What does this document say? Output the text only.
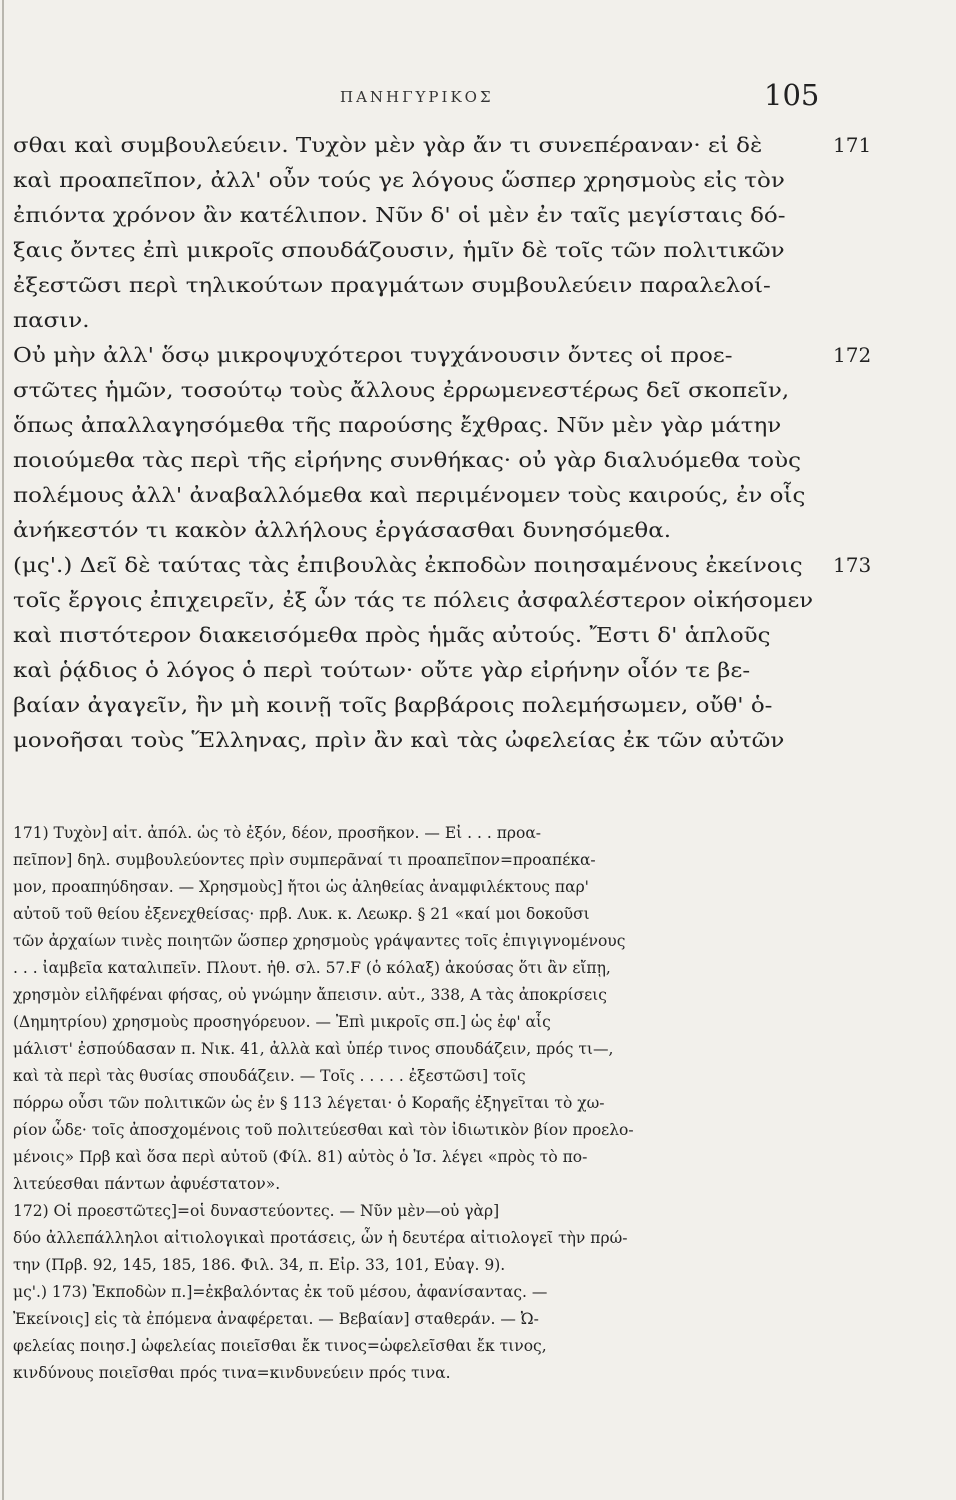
ΠΑΝΗΓΥΡΙΚΟΣ	105
σθαι καὶ συμβουλεύειν. Τυχὸν μὲν γὰρ ἄν τι συνεπέραναν· εἰ δὲ	171
καὶ προαπεῖπον, ἀλλ' οὖν τούς γε λόγους ὥσπερ χρησμοὺς εἰς τὸν
ἐπιόντα χρόνον ἂν κατέλιπον. Νῦν δ' οἱ μὲν ἐν ταῖς μεγίσταις δό-
ξαις ὄντες ἐπὶ μικροῖς σπουδάζουσιν, ἡμῖν δὲ τοῖς τῶν πολιτικῶν
ἐξεστῶσι περὶ τηλικούτων πραγμάτων συμβουλεύειν παραλελοί-
πασιν.
Οὐ μὴν ἀλλ' ὅσῳ μικροψυχότεροι τυγχάνουσιν ὄντες οἱ προε-	172
στῶτες ἡμῶν, τοσούτῳ τοὺς ἄλλους ἐρρωμενεστέρως δεῖ σκοπεῖν,
ὅπως ἀπαλλαγησόμεθα τῆς παρούσης ἔχθρας. Νῦν μὲν γὰρ μάτην
ποιούμεθα τὰς περὶ τῆς εἰρήνης συνθήκας· οὐ γὰρ διαλυόμεθα τοὺς
πολέμους ἀλλ' ἀναβαλλόμεθα καὶ περιμένομεν τοὺς καιρούς, ἐν οἷς
ἀνήκεστόν τι κακὸν ἀλλήλους ἐργάσασθαι δυνησόμεθα.
(μς'.) Δεῖ δὲ ταύτας τὰς ἐπιβουλὰς ἐκποδὼν ποιησαμένους ἐκείνοις 173
τοῖς ἔργοις ἐπιχειρεῖν, ἐξ ὧν τάς τε πόλεις ἀσφαλέστερον οἰκήσομεν
καὶ πιστότερον διακεισόμεθα πρὸς ἡμᾶς αὐτούς. Ἔστι δ' ἁπλοῦς
καὶ ῥᾴδιος ὁ λόγος ὁ περὶ τούτων· οὔτε γὰρ εἰρήνην οἷόν τε βε-
βαίαν ἀγαγεῖν, ἢν μὴ κοινῇ τοῖς βαρβάροις πολεμήσωμεν, οὔθ' ὁ-
μονοῆσαι τοὺς Ἕλληνας, πρὶν ἂν καὶ τὰς ὠφελείας ἐκ τῶν αὐτῶν
171) Τυχὸν] αἰτ. ἀπόλ. ὡς τὸ ἐξόν, δέον, προσῆκον. — Εἰ . . . προα-
πεῖπον] δηλ. συμβουλεύοντες πρὶν συμπερᾶναί τι προαπεῖπον=προαπέκα-
μον, προαπηύδησαν. — Χρησμοὺς] ἤτοι ὡς ἀληθείας ἀναμφιλέκτους παρ'
αὐτοῦ τοῦ θείου ἐξενεχθείσας· πρβ. Λυκ. κ. Λεωκρ. § 21 «καί μοι δοκοῦσι
τῶν ἀρχαίων τινὲς ποιητῶν ὥσπερ χρησμοὺς γράψαντες τοῖς ἐπιγιγνομένους
. . . ἰαμβεῖα καταλιπεῖν. Πλουτ. ἠθ. σλ. 57.F (ὁ κόλαξ) ἀκούσας ὅτι ἂν εἴπῃ,
χρησμὸν εἰλῆφέναι φήσας, οὐ γνώμην ἄπεισιν. αὐτ., 338, Α τὰς ἀποκρίσεις
(Δημητρίου) χρησμοὺς προσηγόρευον. — Ἐπὶ μικροῖς σπ.] ὡς ἐφ' αἷς
μάλιστ' ἐσπούδασαν π. Νικ. 41, ἀλλὰ καὶ ὑπέρ τινος σπουδάζειν, πρός τι—,
καὶ τὰ περὶ τὰς θυσίας σπουδάζειν. — Τοῖς . . . . . ἐξεστῶσι] τοῖς
πόρρω οὖσι τῶν πολιτικῶν ὡς ἐν § 113 λέγεται· ὁ Κοραῆς ἐξηγεῖται τὸ χω-
ρίον ὧδε· τοῖς ἀποσχομένοις τοῦ πολιτεύεσθαι καὶ τὸν ἰδιωτικὸν βίον προελο-
μένοις» Πρβ καὶ ὅσα περὶ αὐτοῦ (Φίλ. 81) αὐτὸς ὁ Ἰσ. λέγει «πρὸς τὸ πο-
λιτεύεσθαι πάντων ἀφυέστατον».
172) Οἱ προεστῶτες]=οἱ δυναστεύοντες. — Νῦν μὲν—οὐ γὰρ]
δύο ἀλλεπάλληλοι αἰτιολογικαὶ προτάσεις, ὧν ἡ δευτέρα αἰτιολογεῖ τὴν πρώ-
την (Πρβ. 92, 145, 185, 186. Φιλ. 34, π. Εἰρ. 33, 101, Εὐαγ. 9).
μς'.) 173) Ἐκποδὼν π.]=ἐκβαλόντας ἐκ τοῦ μέσου, ἀφανίσαντας. —
Ἐκείνοις] εἰς τὰ ἐπόμενα ἀναφέρεται. — Βεβαίαν] σταθεράν. — Ὠ-
φελείας ποιησ.] ὠφελείας ποιεῖσθαι ἔκ τινος=ὠφελεῖσθαι ἔκ τινος,
κινδύνους ποιεῖσθαι πρός τινα=κινδυνεύειν πρός τινα.
